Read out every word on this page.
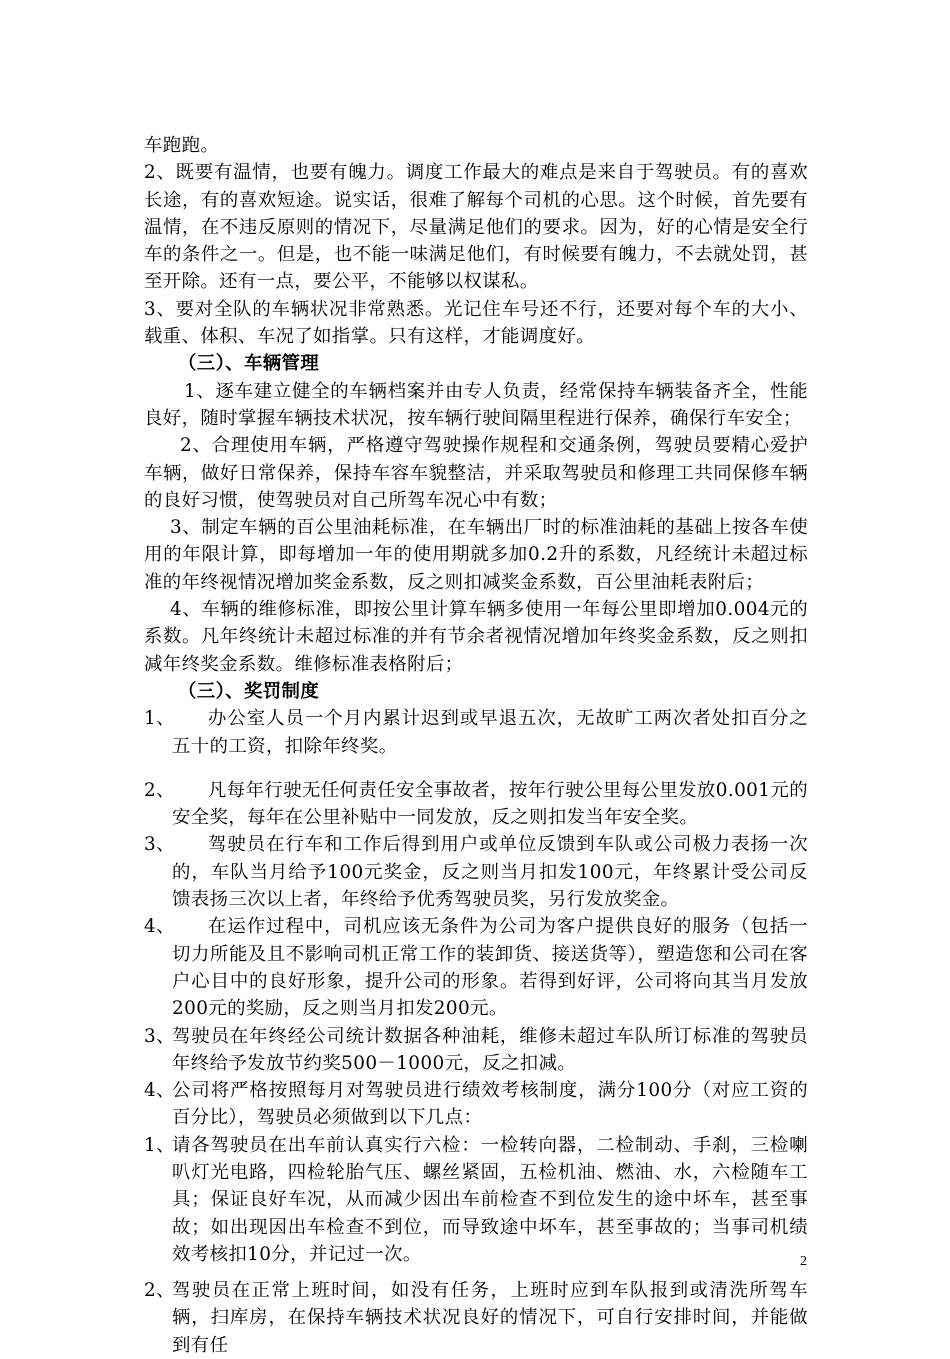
车跑跑。

2、既要有温情，也要有魄力。调度工作最大的难点是来自于驾驶员。有的喜欢长途，有的喜欢短途。说实话，很难了解每个司机的心思。这个时候，首先要有温情，在不违反原则的情况下，尽量满足他们的要求。因为，好的心情是安全行车的条件之一。但是，也不能一味满足他们，有时候要有魄力，不去就处罚，甚至开除。还有一点，要公平，不能够以权谋私。

3、要对全队的车辆状况非常熟悉。光记住车号还不行，还要对每个车的大小、载重、体积、车况了如指掌。只有这样，才能调度好。

（三）、车辆管理

1、逐车建立健全的车辆档案并由专人负责，经常保持车辆装备齐全，性能良好，随时掌握车辆技术状况，按车辆行驶间隔里程进行保养，确保行车安全；

2、合理使用车辆，严格遵守驾驶操作规程和交通条例，驾驶员要精心爱护车辆，做好日常保养，保持车容车貌整洁，并采取驾驶员和修理工共同保修车辆的良好习惯，使驾驶员对自己所驾车况心中有数；

3、制定车辆的百公里油耗标准，在车辆出厂时的标准油耗的基础上按各车使用的年限计算，即每增加一年的使用期就多加0.2升的系数，凡经统计未超过标准的年终视情况增加奖金系数，反之则扣减奖金系数，百公里油耗表附后；

4、车辆的维修标准，即按公里计算车辆多使用一年每公里即增加0.004元的系数。凡年终统计未超过标准的并有节余者视情况增加年终奖金系数，反之则扣减年终奖金系数。维修标准表格附后；

（三）、奖罚制度

1、	办公室人员一个月内累计迟到或早退五次，无故旷工两次者处扣百分之五十的工资，扣除年终奖。
2、	凡每年行驶无任何责任安全事故者，按年行驶公里每公里发放0.001元的安全奖，每年在公里补贴中一同发放，反之则扣发当年安全奖。
3、	驾驶员在行车和工作后得到用户或单位反馈到车队或公司极力表扬一次的，车队当月给予100元奖金，反之则当月扣发100元，年终累计受公司反馈表扬三次以上者，年终给予优秀驾驶员奖，另行发放奖金。
4、	在运作过程中，司机应该无条件为公司为客户提供良好的服务（包括一切力所能及且不影响司机正常工作的装卸货、接送货等），塑造您和公司在客户心目中的良好形象，提升公司的形象。若得到好评，公司将向其当月发放200元的奖励，反之则当月扣发200元。
3、
驾驶员在年终经公司统计数据各种油耗，维修未超过车队所订标准的驾驶员年终给予发放节约奖500－1000元，反之扣减。
4、
公司将严格按照每月对驾驶员进行绩效考核制度，满分100分（对应工资的百分比），驾驶员必须做到以下几点：
1、
请各驾驶员在出车前认真实行六检：一检转向器，二检制动、手刹，三检喇叭灯光电路，四检轮胎气压、螺丝紧固，五检机油、燃油、水，六检随车工具；保证良好车况，从而减少因出车前检查不到位发生的途中坏车，甚至事故；如出现因出车检查不到位，而导致途中坏车，甚至事故的；当事司机绩效考核扣10分，并记过一次。
2、
驾驶员在正常上班时间，如没有任务，上班时应到车队报到或清洗所驾车辆，扫库房，在保持车辆技术状况良好的情况下，可自行安排时间，并能做到有任
2
